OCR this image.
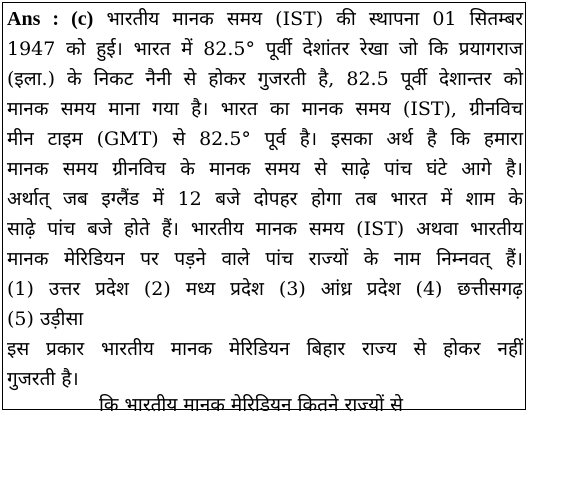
Ans : (c) भारतीय मानक समय (IST) की स्थापना 01 सितम्बर
1947 को हुई। भारत में 82.5° पूर्वी देशांतर रेखा जो कि प्रयागराज
(इला.) के निकट नैनी से होकर गुजरती है, 82.5 पूर्वी देशान्तर को
मानक समय माना गया है। भारत का मानक समय (IST), ग्रीनविच
मीन टाइम (GMT) से 82.5° पूर्व है। इसका अर्थ है कि हमारा
मानक समय ग्रीनविच के मानक समय से साढ़े पांच घंटे आगे है।
अर्थात् जब इग्लैंड में 12 बजे दोपहर होगा तब भारत में शाम के
साढ़े पांच बजे होते हैं। भारतीय मानक समय (IST) अथवा भारतीय
मानक मेरिडियन पर पड़ने वाले पांच राज्यों के नाम निम्नवत् हैं।
(1) उत्तर प्रदेश (2) मध्य प्रदेश (3) आंध्र प्रदेश (4) छत्तीसगढ़
(5) उड़ीसा
इस प्रकार भारतीय मानक मेरिडियन बिहार राज्य से होकर नहीं
गुजरती है।
कि भारतीय मानक मेरिडियन कितने राज्यों से
